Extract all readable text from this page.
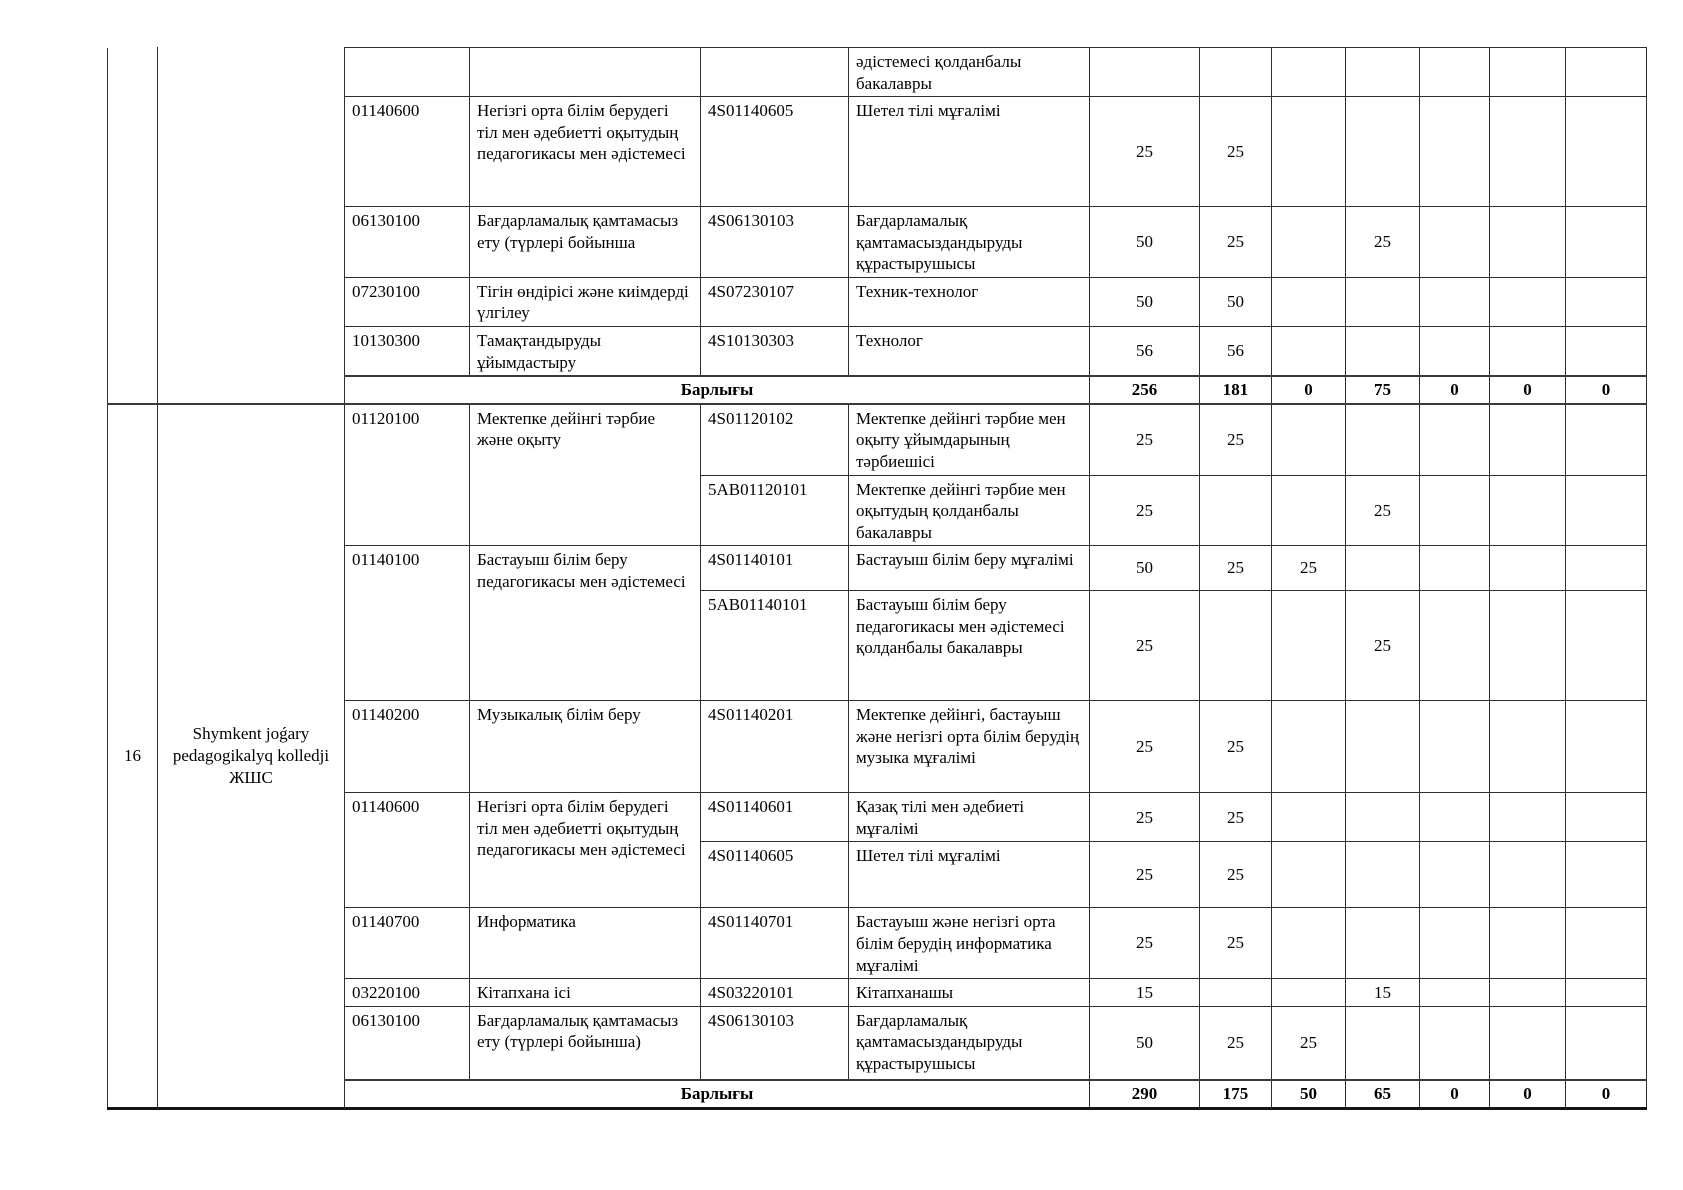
					әдістемесі қолданбалы бакалавры							
		01140600	Негізгі орта білім берудегі тіл мен әдебиетті оқытудың педагогикасы мен әдістемесі	4S01140605	Шетел тілі мұғалімі	25	25					
		06130100	Бағдарламалық қамтамасыз ету (түрлері бойынша	4S06130103	Бағдарламалық қамтамасыздандыруды құрастырушысы	50	25		25			
		07230100	Тігін өндірісі және киімдерді үлгілеу	4S07230107	Техник-технолог	50	50					
		10130300	Тамақтандыруды ұйымдастыру	4S10130303	Технолог	56	56					
		Барлығы				256	181	0	75	0	0	0
16	Shymkent joǵary pedagogikalyq kolledji ЖШС	01120100	Мектепке дейінгі тәрбие және оқыту	4S01120102	Мектепке дейінгі тәрбие мен оқыту ұйымдарының тәрбиешісі	25	25					
				5AB01120101	Мектепке дейінгі тәрбие мен оқытудың қолданбалы бакалавры	25			25			
		01140100	Бастауыш білім беру педагогикасы мен әдістемесі	4S01140101	Бастауыш білім беру мұғалімі	50	25	25				
				5AB01140101	Бастауыш білім беру педагогикасы мен әдістемесі қолданбалы бакалавры	25			25			
		01140200	Музыкалық білім беру	4S01140201	Мектепке дейінгі, бастауыш және негізгі орта білім берудің музыка мұғалімі	25	25					
		01140600	Негізгі орта білім берудегі тіл мен әдебиетті оқытудың педагогикасы мен әдістемесі	4S01140601	Қазақ тілі мен әдебиеті мұғалімі	25	25					
				4S01140605	Шетел тілі мұғалімі	25	25					
		01140700	Информатика	4S01140701	Бастауыш және негізгі орта білім берудің информатика мұғалімі	25	25					
		03220100	Кітапхана ісі	4S03220101	Кітапханашы	15			15			
		06130100	Бағдарламалық қамтамасыз ету (түрлері бойынша)	4S06130103	Бағдарламалық қамтамасыздандыруды құрастырушысы	50	25	25				
		Барлығы				290	175	50	65	0	0	0
